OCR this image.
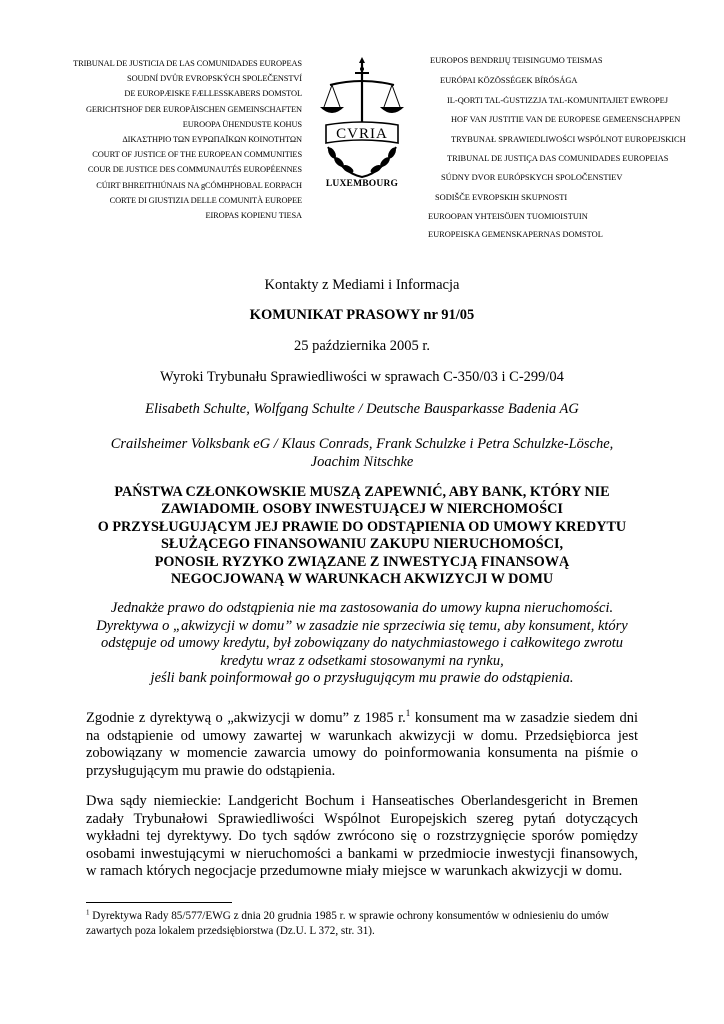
TRIBUNAL DE JUSTICIA DE LAS COMUNIDADES EUROPEAS
SOUDNÍ DVŮR EVROPSKÝCH SPOLEČENSTVÍ
DE EUROPÆISKE FÆLLESSKABERS DOMSTOL
GERICHTSHOF DER EUROPÄISCHEN GEMEINSCHAFTEN
EUROOPA ÜHENDUSTE KOHUS
ΔΙΚΑΣΤΗΡΙΟ ΤΩΝ ΕΥΡΩΠΑΪΚΩΝ ΚΟΙΝΟΤΗΤΩΝ
COURT OF JUSTICE OF THE EUROPEAN COMMUNITIES
COUR DE JUSTICE DES COMMUNAUTÉS EUROPÉENNES
CÚIRT BHREITHIÚNAIS NA gCÓMHPHOBAL EORPACH
CORTE DI GIUSTIZIA DELLE COMUNITÀ EUROPEE
EIROPAS KOPIENU TIESA
CVRIA
LUXEMBOURG
EUROPOS BENDRIJŲ TEISINGUMO TEISMAS
EURÓPAI KÖZÖSSÉGEK BÍRÓSÁGA
IL-QORTI TAL-ĠUSTIZZJA TAL-KOMUNITAJIET EWROPEJ
HOF VAN JUSTITIE VAN DE EUROPESE GEMEENSCHAPPEN
TRYBUNAŁ SPRAWIEDLIWOŚCI WSPÓLNOT EUROPEJSKICH
TRIBUNAL DE JUSTIÇA DAS COMUNIDADES EUROPEIAS
SÚDNY DVOR EURÓPSKYCH SPOLOČENSTIEV
SODIŠČE EVROPSKIH SKUPNOSTI
EUROOPAN YHTEISÖJEN TUOMIOISTUIN
EUROPEISKA GEMENSKAPERNAS DOMSTOL
Kontakty z Mediami i Informacja
KOMUNIKAT PRASOWY nr 91/05
25 października 2005 r.
Wyroki Trybunału Sprawiedliwości w sprawach C-350/03 i C-299/04
Elisabeth Schulte, Wolfgang Schulte / Deutsche Bausparkasse Badenia AG
Crailsheimer Volksbank eG / Klaus Conrads, Frank Schulzke i Petra Schulzke-Lösche,
Joachim Nitschke
PAŃSTWA CZŁONKOWSKIE MUSZĄ ZAPEWNIĆ, ABY BANK, KTÓRY NIE
ZAWIADOMIŁ OSOBY INWESTUJĄCEJ W NIERCHOMOŚCI
O PRZYSŁUGUJĄCYM JEJ PRAWIE DO ODSTĄPIENIA OD UMOWY KREDYTU
SŁUŻĄCEGO FINANSOWANIU ZAKUPU NIERUCHOMOŚCI,
PONOSIŁ RYZYKO ZWIĄZANE Z INWESTYCJĄ FINANSOWĄ
NEGOCJOWANĄ W WARUNKACH AKWIZYCJI W DOMU
Jednakże prawo do odstąpienia nie ma zastosowania do umowy kupna nieruchomości.
Dyrektywa o „akwizycji w domu” w zasadzie nie sprzeciwia się temu, aby konsument, który
odstępuje od umowy kredytu, był zobowiązany do natychmiastowego i całkowitego zwrotu
kredytu wraz z odsetkami stosowanymi na rynku,
jeśli bank poinformował go o przysługującym mu prawie do odstąpienia.
Zgodnie z dyrektywą o „akwizycji w domu” z 1985 r.$^1$ konsument ma w zasadzie siedem dni na odstąpienie od umowy zawartej w warunkach akwizycji w domu. Przedsiębiorca jest zobowiązany w momencie zawarcia umowy do poinformowania konsumenta na piśmie o przysługującym mu prawie do odstąpienia.
Dwa sądy niemieckie: Landgericht Bochum i Hanseatisches Oberlandesgericht in Bremen zadały Trybunałowi Sprawiedliwości Wspólnot Europejskich szereg pytań dotyczących wykładni tej dyrektywy. Do tych sądów zwrócono się o rozstrzygnięcie sporów pomiędzy osobami inwestującymi w nieruchomości a bankami w przedmiocie inwestycji finansowych, w ramach których negocjacje przedumowne miały miejsce w warunkach akwizycji w domu.
$^1$ Dyrektywa Rady 85/577/EWG z dnia 20 grudnia 1985 r. w sprawie ochrony konsumentów w odniesieniu do umów zawartych poza lokalem przedsiębiorstwa (Dz.U. L 372, str. 31).
